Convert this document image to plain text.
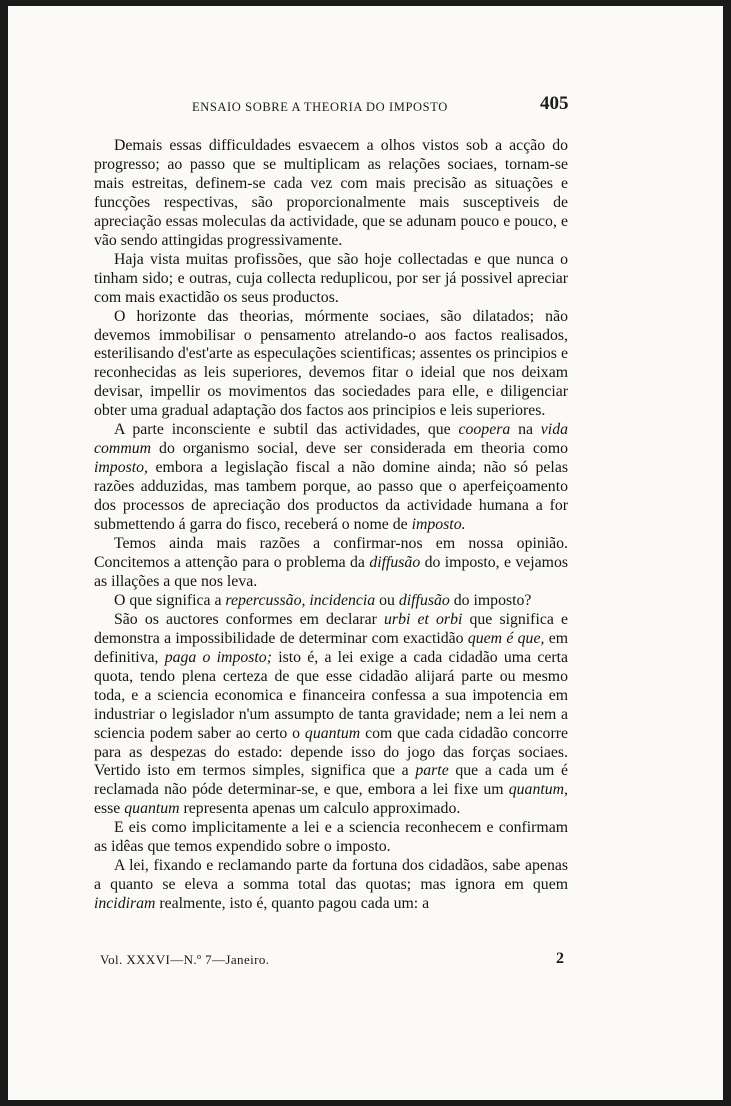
ENSAIO SOBRE A THEORIA DO IMPOSTO	405

Demais essas difficuldades esvaecem a olhos vistos sob a acção do progresso; ao passo que se multiplicam as relações sociaes, tornam-se mais estreitas, definem-se cada vez com mais precisão as situações e funcções respectivas, são proporcionalmente mais susceptiveis de apreciação essas moleculas da actividade, que se adunam pouco e pouco, e vão sendo attingidas progressivamente.

Haja vista muitas profissões, que são hoje collectadas e que nunca o tinham sido; e outras, cuja collecta reduplicou, por ser já possivel apreciar com mais exactidão os seus productos.

O horizonte das theorias, mórmente sociaes, são dilatados; não devemos immobilisar o pensamento atrelando-o aos factos realisados, esterilisando d'est'arte as especulações scientificas; assentes os principios e reconhecidas as leis superiores, devemos fitar o ideial que nos deixam devisar, impellir os movimentos das sociedades para elle, e diligenciar obter uma gradual adaptação dos factos aos principios e leis superiores.

A parte inconsciente e subtil das actividades, que coopera na vida commum do organismo social, deve ser considerada em theoria como imposto, embora a legislação fiscal a não domine ainda; não só pelas razões adduzidas, mas tambem porque, ao passo que o aperfeiçoamento dos processos de apreciação dos productos da actividade humana a for submettendo á garra do fisco, receberá o nome de imposto.

Temos ainda mais razões a confirmar-nos em nossa opinião. Concitemos a attenção para o problema da diffusão do imposto, e vejamos as illações a que nos leva.

O que significa a repercussão, incidencia ou diffusão do imposto?

São os auctores conformes em declarar urbi et orbi que significa e demonstra a impossibilidade de determinar com exactidão quem é que, em definitiva, paga o imposto; isto é, a lei exige a cada cidadão uma certa quota, tendo plena certeza de que esse cidadão alijará parte ou mesmo toda, e a sciencia economica e financeira confessa a sua impotencia em industriar o legislador n'um assumpto de tanta gravidade; nem a lei nem a sciencia podem saber ao certo o quantum com que cada cidadão concorre para as despezas do estado: depende isso do jogo das forças sociaes. Vertido isto em termos simples, significa que a parte que a cada um é reclamada não póde determinar-se, e que, embora a lei fixe um quantum, esse quantum representa apenas um calculo approximado.

E eis como implicitamente a lei e a sciencia reconhecem e confirmam as idêas que temos expendido sobre o imposto.

A lei, fixando e reclamando parte da fortuna dos cidadãos, sabe apenas a quanto se eleva a somma total das quotas; mas ignora em quem incidiram realmente, isto é, quanto pagou cada um: a

Vol. XXXVI—N.º 7—Janeiro.	2
